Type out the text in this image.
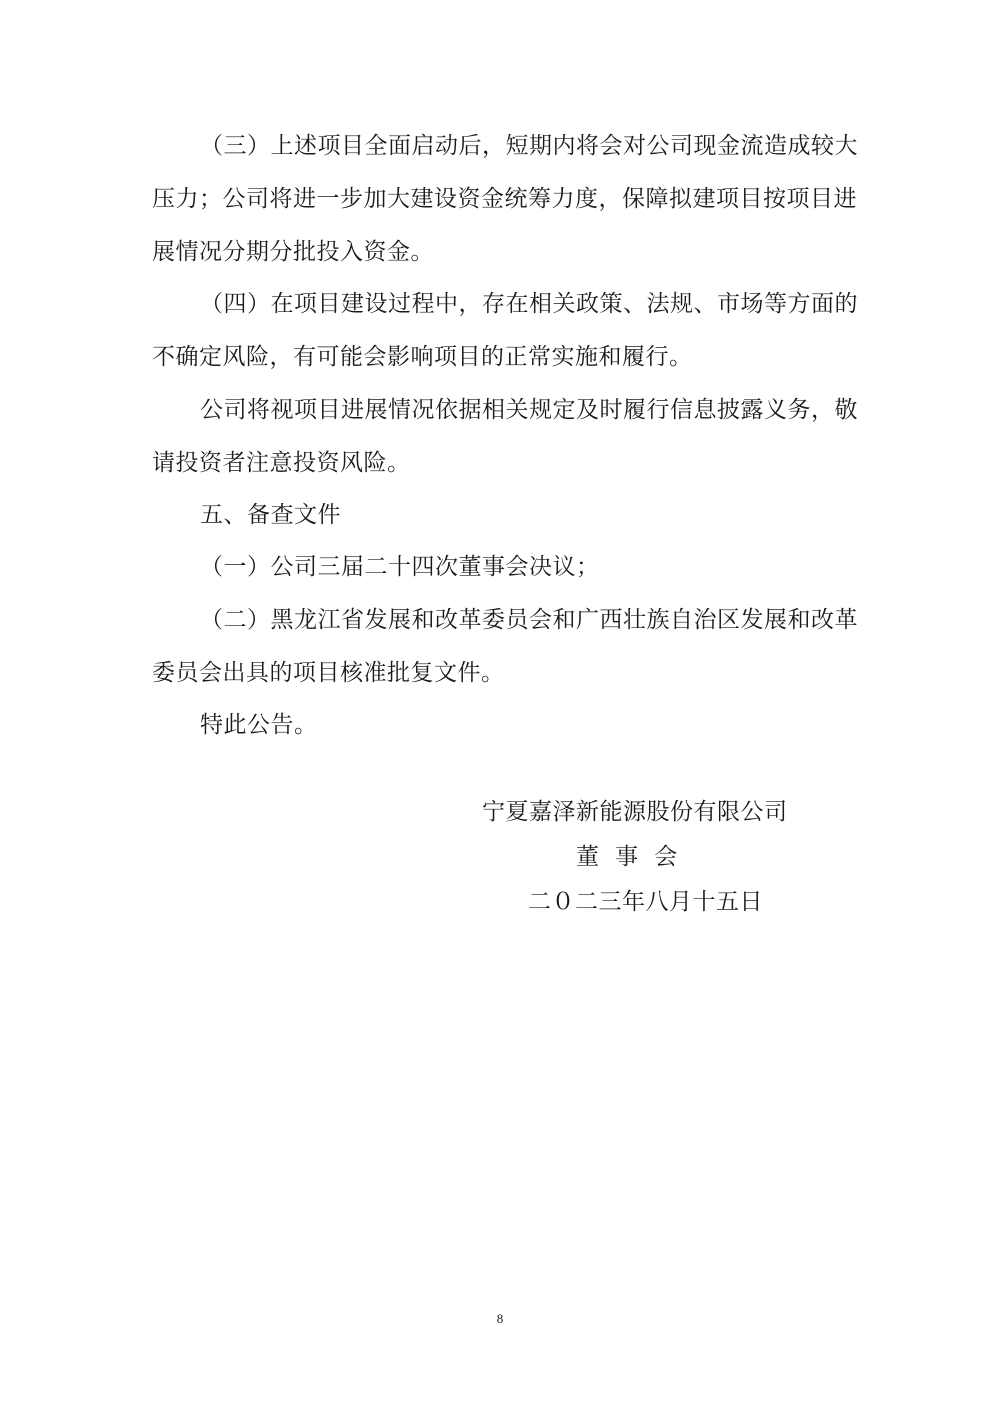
（三）上述项目全面启动后，短期内将会对公司现金流造成较大
压力；公司将进一步加大建设资金统筹力度，保障拟建项目按项目进
展情况分期分批投入资金。
（四）在项目建设过程中，存在相关政策、法规、市场等方面的
不确定风险，有可能会影响项目的正常实施和履行。
公司将视项目进展情况依据相关规定及时履行信息披露义务，敬
请投资者注意投资风险。
五、备查文件
（一）公司三届二十四次董事会决议；
（二）黑龙江省发展和改革委员会和广西壮族自治区发展和改革
委员会出具的项目核准批复文件。
特此公告。
宁夏嘉泽新能源股份有限公司
董  事  会
二０二三年八月十五日
8
